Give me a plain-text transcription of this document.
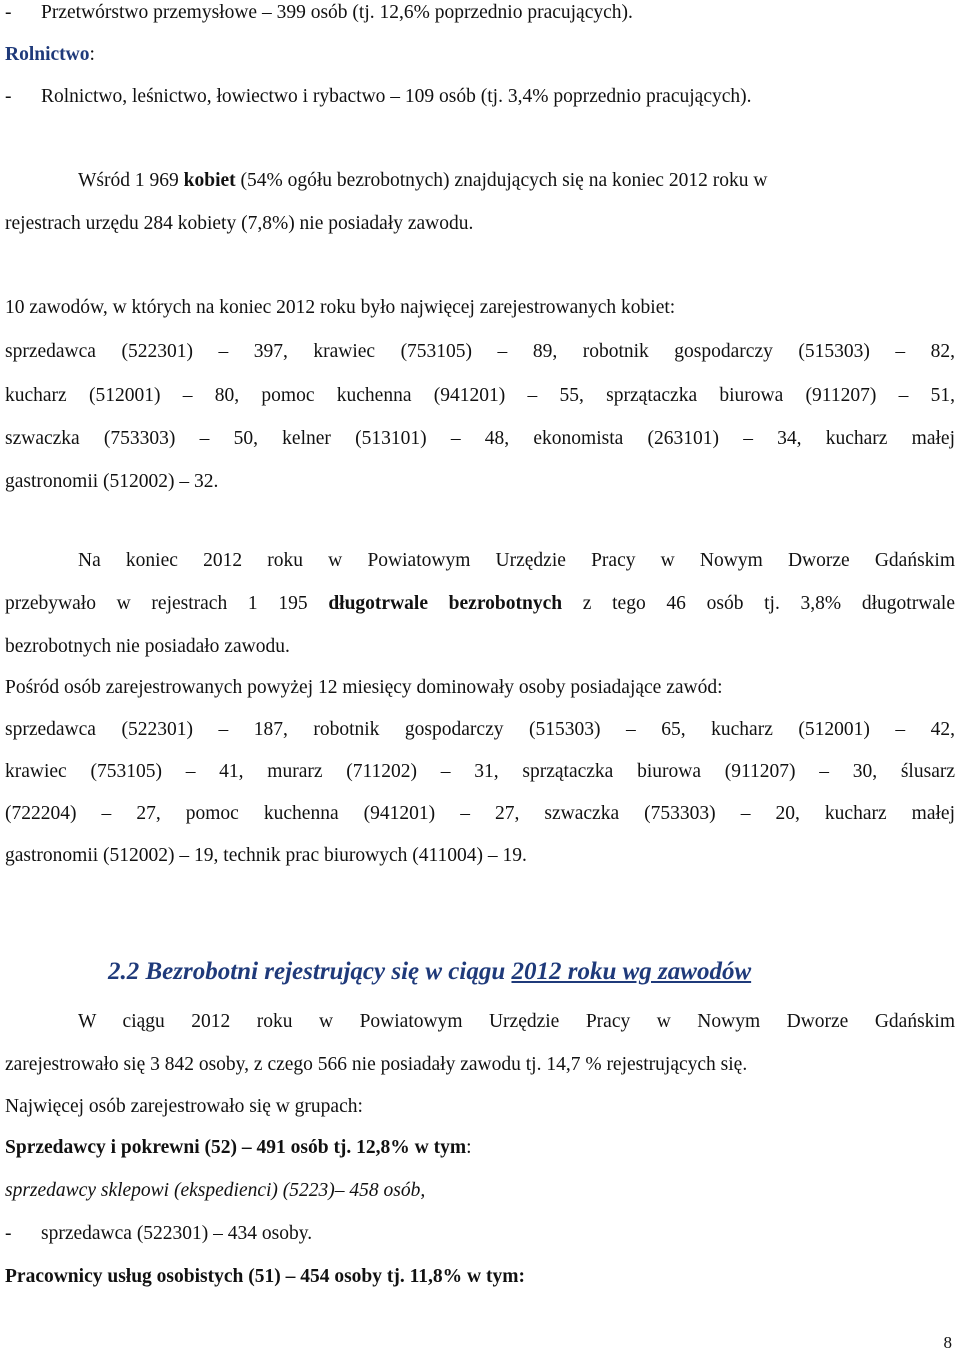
- Przetwórstwo przemysłowe – 399 osób (tj. 12,6% poprzednio pracujących).
Rolnictwo:
- Rolnictwo, leśnictwo, łowiectwo i rybactwo – 109 osób (tj. 3,4% poprzednio pracujących).
Wśród 1 969 kobiet (54% ogółu bezrobotnych) znajdujących się na koniec 2012 roku w
rejestrach urzędu 284 kobiety (7,8%) nie posiadały zawodu.
10 zawodów, w których na koniec 2012 roku było najwięcej zarejestrowanych kobiet:
sprzedawca (522301) – 397, krawiec (753105) – 89, robotnik gospodarczy (515303) – 82,
kucharz (512001) – 80, pomoc kuchenna (941201) – 55, sprzątaczka biurowa (911207) – 51,
szwaczka (753303) – 50, kelner (513101) – 48, ekonomista (263101) – 34, kucharz małej
gastronomii (512002) – 32.
Na koniec 2012 roku w Powiatowym Urzędzie Pracy w Nowym Dworze Gdańskim
przebywało w rejestrach 1 195 długotrwale bezrobotnych z tego 46 osób tj. 3,8% długotrwale
bezrobotnych nie posiadało zawodu.
Pośród osób zarejestrowanych powyżej 12 miesięcy dominowały osoby posiadające zawód:
sprzedawca (522301) – 187, robotnik gospodarczy (515303) – 65, kucharz (512001) – 42,
krawiec (753105) – 41, murarz (711202) – 31, sprzątaczka biurowa (911207) – 30, ślusarz
(722204) – 27, pomoc kuchenna (941201) – 27, szwaczka (753303) – 20, kucharz małej
gastronomii (512002) – 19, technik prac biurowych (411004) – 19.
2.2 Bezrobotni rejestrujący się w ciągu 2012 roku wg zawodów
W ciągu 2012 roku w Powiatowym Urzędzie Pracy w Nowym Dworze Gdańskim
zarejestrowało się 3 842 osoby, z czego 566 nie posiadały zawodu tj. 14,7 % rejestrujących się.
Najwięcej osób zarejestrowało się w grupach:
Sprzedawcy i pokrewni (52) – 491 osób tj. 12,8% w tym:
sprzedawcy sklepowi (ekspedienci) (5223)– 458 osób,
- sprzedawca (522301) – 434 osoby.
Pracownicy usług osobistych (51) – 454 osoby tj. 11,8% w tym:
8
